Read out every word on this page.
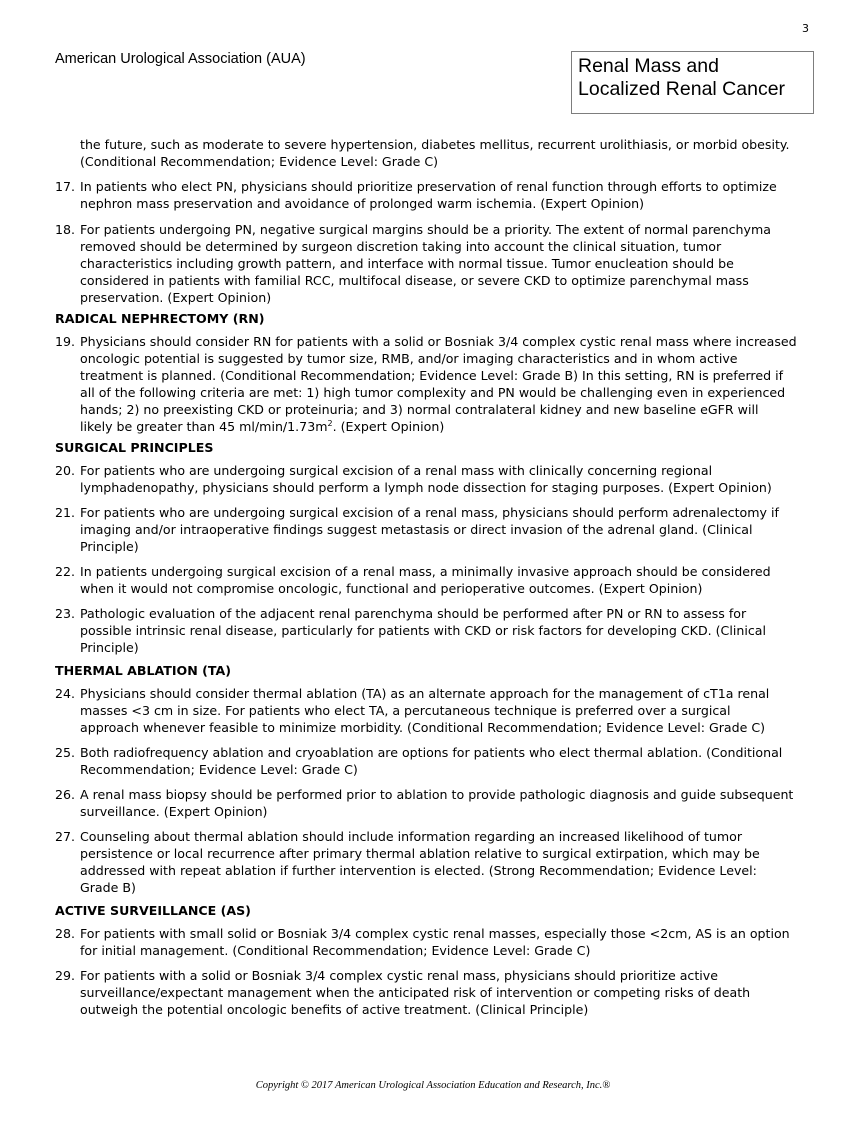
3
American Urological Association (AUA)	Renal Mass and
Localized Renal Cancer
the future, such as moderate to severe hypertension, diabetes mellitus, recurrent urolithiasis, or morbid obesity.
(Conditional Recommendation; Evidence Level: Grade C)
17. In patients who elect PN, physicians should prioritize preservation of renal function through efforts to optimize
nephron mass preservation and avoidance of prolonged warm ischemia. (Expert Opinion)
18. For patients undergoing PN, negative surgical margins should be a priority. The extent of normal parenchyma
removed should be determined by surgeon discretion taking into account the clinical situation, tumor
characteristics including growth pattern, and interface with normal tissue. Tumor enucleation should be
considered in patients with familial RCC, multifocal disease, or severe CKD to optimize parenchymal mass
preservation. (Expert Opinion)
RADICAL NEPHRECTOMY (RN)
19. Physicians should consider RN for patients with a solid or Bosniak 3/4 complex cystic renal mass where increased
oncologic potential is suggested by tumor size, RMB, and/or imaging characteristics and in whom active
treatment is planned. (Conditional Recommendation; Evidence Level: Grade B) In this setting, RN is preferred if
all of the following criteria are met: 1) high tumor complexity and PN would be challenging even in experienced
hands; 2) no preexisting CKD or proteinuria; and 3) normal contralateral kidney and new baseline eGFR will
likely be greater than 45 $ml/\min/1.73m^2$. (Expert Opinion)
SURGICAL PRINCIPLES
20. For patients who are undergoing surgical excision of a renal mass with clinically concerning regional
lymphadenopathy, physicians should perform a lymph node dissection for staging purposes. (Expert Opinion)
21. For patients who are undergoing surgical excision of a renal mass, physicians should perform adrenalectomy if
imaging and/or intraoperative findings suggest metastasis or direct invasion of the adrenal gland. (Clinical
Principle)
22. In patients undergoing surgical excision of a renal mass, a minimally invasive approach should be considered
when it would not compromise oncologic, functional and perioperative outcomes. (Expert Opinion)
23. Pathologic evaluation of the adjacent renal parenchyma should be performed after PN or RN to assess for
possible intrinsic renal disease, particularly for patients with CKD or risk factors for developing CKD. (Clinical
Principle)
THERMAL ABLATION (TA)
24. Physicians should consider thermal ablation (TA) as an alternate approach for the management of cT1a renal
masses <3 cm in size. For patients who elect TA, a percutaneous technique is preferred over a surgical
approach whenever feasible to minimize morbidity. (Conditional Recommendation; Evidence Level: Grade C)
25. Both radiofrequency ablation and cryoablation are options for patients who elect thermal ablation. (Conditional
Recommendation; Evidence Level: Grade C)
26. A renal mass biopsy should be performed prior to ablation to provide pathologic diagnosis and guide subsequent
surveillance. (Expert Opinion)
27. Counseling about thermal ablation should include information regarding an increased likelihood of tumor
persistence or local recurrence after primary thermal ablation relative to surgical extirpation, which may be
addressed with repeat ablation if further intervention is elected. (Strong Recommendation; Evidence Level:
Grade B)
ACTIVE SURVEILLANCE (AS)
28. For patients with small solid or Bosniak 3/4 complex cystic renal masses, especially those <2cm, AS is an option
for initial management. (Conditional Recommendation; Evidence Level: Grade C)
29. For patients with a solid or Bosniak 3/4 complex cystic renal mass, physicians should prioritize active
surveillance/expectant management when the anticipated risk of intervention or competing risks of death
outweigh the potential oncologic benefits of active treatment. (Clinical Principle)
Copyright © 2017 American Urological Association Education and Research, Inc.®
